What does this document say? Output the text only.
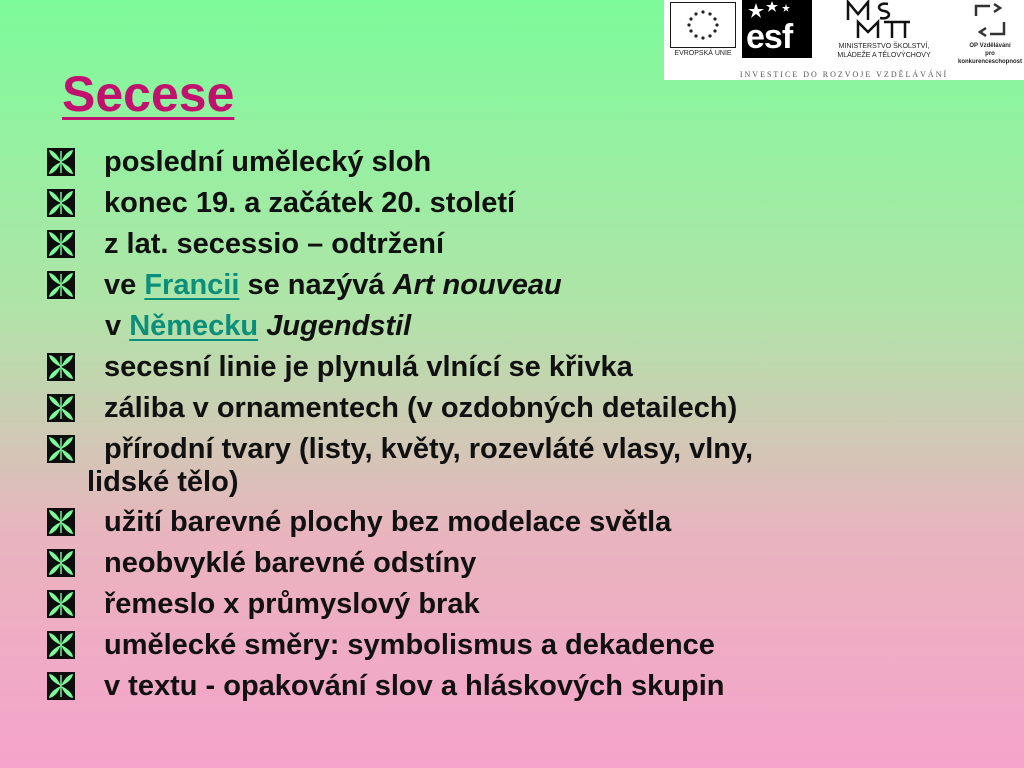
EVROPSKÁ UNIE esf	MINISTERSTVO ŠKOLSTVÍ,
MLÁDEŽE A TĚLOVÝCHOVY
OP Vzdělávání
pro konkurenceschopnost
INVESTICE DO ROZVOJE VZDĚLÁVÁNÍ
Secese
poslední umělecký sloh
konec 19. a začátek 20. století
z lat. secessio – odtržení
ve Francii se nazývá Art nouveau
v Německu Jugendstil
secesní linie je plynulá vlnící se křivka
záliba v ornamentech (v ozdobných detailech)
přírodní tvary (listy, květy, rozevláté vlasy, vlny,
lidské tělo)
užití barevné plochy bez modelace světla
neobvyklé barevné odstíny
řemeslo x průmyslový brak
umělecké směry: symbolismus a dekadence
v textu - opakování slov a hláskových skupin
